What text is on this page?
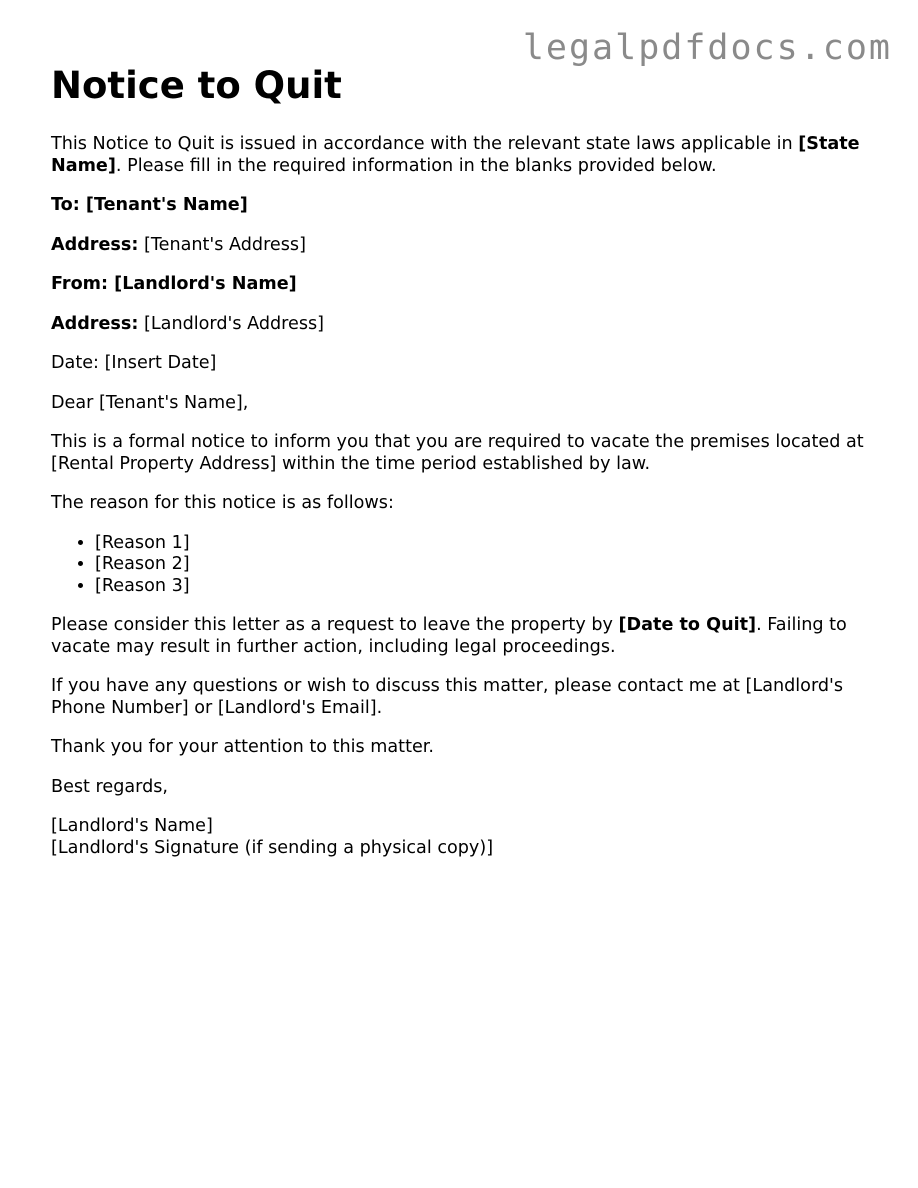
legalpdfdocs.com
Notice to Quit

This Notice to Quit is issued in accordance with the relevant state laws applicable in [State Name]. Please fill in the required information in the blanks provided below.

To: [Tenant's Name]

Address: [Tenant's Address]

From: [Landlord's Name]

Address: [Landlord's Address]

Date: [Insert Date]

Dear [Tenant's Name],

This is a formal notice to inform you that you are required to vacate the premises located at [Rental Property Address] within the time period established by law.

The reason for this notice is as follows:

• [Reason 1]
• [Reason 2]
• [Reason 3]

Please consider this letter as a request to leave the property by [Date to Quit]. Failing to vacate may result in further action, including legal proceedings.

If you have any questions or wish to discuss this matter, please contact me at [Landlord's Phone Number] or [Landlord's Email].

Thank you for your attention to this matter.

Best regards,

[Landlord's Name]
[Landlord's Signature (if sending a physical copy)]
